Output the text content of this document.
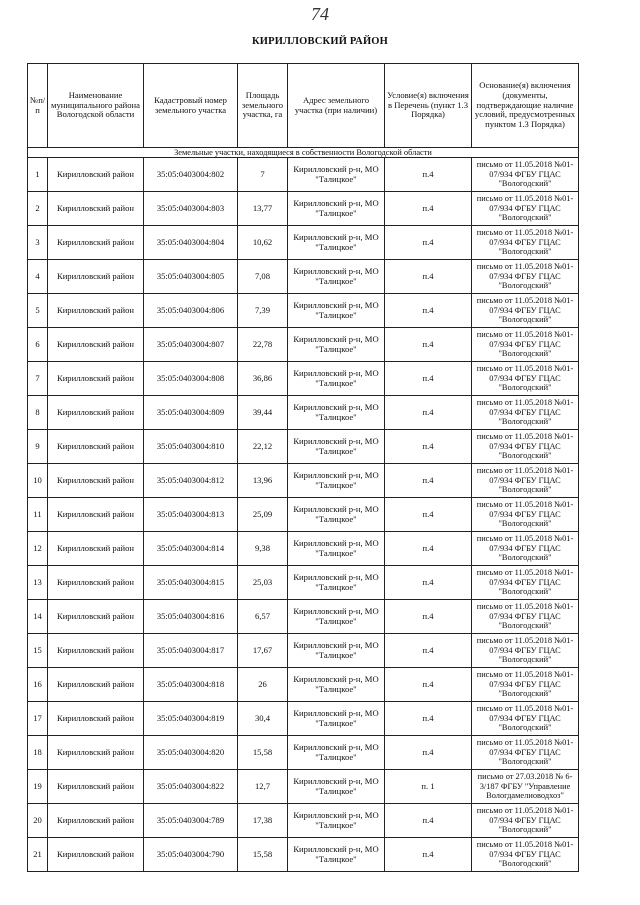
74
КИРИЛЛОВСКИЙ РАЙОН
№п/п	Наименование муниципального района Вологодской области	Кадастровый номер земельного участка	Площадь земельного участка, га	Адрес земельного участка (при наличии)	Условие(я) включения в Перечень (пункт 1.3 Порядка)	Основание(я) включения (документы, подтверждающие наличие условий, предусмотренных пунктом 1.3 Порядка)
Земельные участки, находящиеся в собственности Вологодской области						
1	Кирилловский район	35:05:0403004:802	7	Кирилловский р-н, МО "Талицкое"	п.4	письмо от 11.05.2018 №01-07/934 ФГБУ ГЦАС "Вологодский"
2	Кирилловский район	35:05:0403004:803	13,77	Кирилловский р-н, МО "Талицкое"	п.4	письмо от 11.05.2018 №01-07/934 ФГБУ ГЦАС "Вологодский"
3	Кирилловский район	35:05:0403004:804	10,62	Кирилловский р-н, МО "Талицкое"	п.4	письмо от 11.05.2018 №01-07/934 ФГБУ ГЦАС "Вологодский"
4	Кирилловский район	35:05:0403004:805	7,08	Кирилловский р-н, МО "Талицкое"	п.4	письмо от 11.05.2018 №01-07/934 ФГБУ ГЦАС "Вологодский"
5	Кирилловский район	35:05:0403004:806	7,39	Кирилловский р-н, МО "Талицкое"	п.4	письмо от 11.05.2018 №01-07/934 ФГБУ ГЦАС "Вологодский"
6	Кирилловский район	35:05:0403004:807	22,78	Кирилловский р-н, МО "Талицкое"	п.4	письмо от 11.05.2018 №01-07/934 ФГБУ ГЦАС "Вологодский"
7	Кирилловский район	35:05:0403004:808	36,86	Кирилловский р-н, МО "Талицкое"	п.4	письмо от 11.05.2018 №01-07/934 ФГБУ ГЦАС "Вологодский"
8	Кирилловский район	35:05:0403004:809	39,44	Кирилловский р-н, МО "Талицкое"	п.4	письмо от 11.05.2018 №01-07/934 ФГБУ ГЦАС "Вологодский"
9	Кирилловский район	35:05:0403004:810	22,12	Кирилловский р-н, МО "Талицкое"	п.4	письмо от 11.05.2018 №01-07/934 ФГБУ ГЦАС "Вологодский"
10	Кирилловский район	35:05:0403004:812	13,96	Кирилловский р-н, МО "Талицкое"	п.4	письмо от 11.05.2018 №01-07/934 ФГБУ ГЦАС "Вологодский"
11	Кирилловский район	35:05:0403004:813	25,09	Кирилловский р-н, МО "Талицкое"	п.4	письмо от 11.05.2018 №01-07/934 ФГБУ ГЦАС "Вологодский"
12	Кирилловский район	35:05:0403004:814	9,38	Кирилловский р-н, МО "Талицкое"	п.4	письмо от 11.05.2018 №01-07/934 ФГБУ ГЦАС "Вологодский"
13	Кирилловский район	35:05:0403004:815	25,03	Кирилловский р-н, МО "Талицкое"	п.4	письмо от 11.05.2018 №01-07/934 ФГБУ ГЦАС "Вологодский"
14	Кирилловский район	35:05:0403004:816	6,57	Кирилловский р-н, МО "Талицкое"	п.4	письмо от 11.05.2018 №01-07/934 ФГБУ ГЦАС "Вологодский"
15	Кирилловский район	35:05:0403004:817	17,67	Кирилловский р-н, МО "Талицкое"	п.4	письмо от 11.05.2018 №01-07/934 ФГБУ ГЦАС "Вологодский"
16	Кирилловский район	35:05:0403004:818	26	Кирилловский р-н, МО "Талицкое"	п.4	письмо от 11.05.2018 №01-07/934 ФГБУ ГЦАС "Вологодский"
17	Кирилловский район	35:05:0403004:819	30,4	Кирилловский р-н, МО "Талицкое"	п.4	письмо от 11.05.2018 №01-07/934 ФГБУ ГЦАС "Вологодский"
18	Кирилловский район	35:05:0403004:820	15,58	Кирилловский р-н, МО "Талицкое"	п.4	письмо от 11.05.2018 №01-07/934 ФГБУ ГЦАС "Вологодский"
19	Кирилловский район	35:05:0403004:822	12,7	Кирилловский р-н, МО "Талицкое"	п. 1	письмо от 27.03.2018 № 6-3/187 ФГБУ "Управление Вологдамелиоводхоз"
20	Кирилловский район	35:05:0403004:789	17,38	Кирилловский р-н, МО "Талицкое"	п.4	письмо от 11.05.2018 №01-07/934 ФГБУ ГЦАС "Вологодский"
21	Кирилловский район	35:05:0403004:790	15,58	Кирилловский р-н, МО "Талицкое"	п.4	письмо от 11.05.2018 №01-07/934 ФГБУ ГЦАС "Вологодский"
